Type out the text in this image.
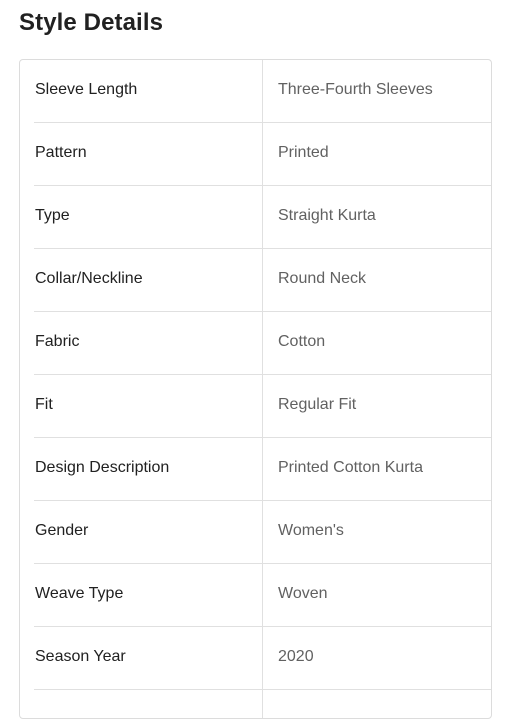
Style Details
Sleeve Length	Three-Fourth Sleeves
Pattern	Printed
Type	Straight Kurta
Collar/Neckline	Round Neck
Fabric	Cotton
Fit	Regular Fit
Design Description	Printed Cotton Kurta
Gender	Women's
Weave Type	Woven
Season Year	2020
